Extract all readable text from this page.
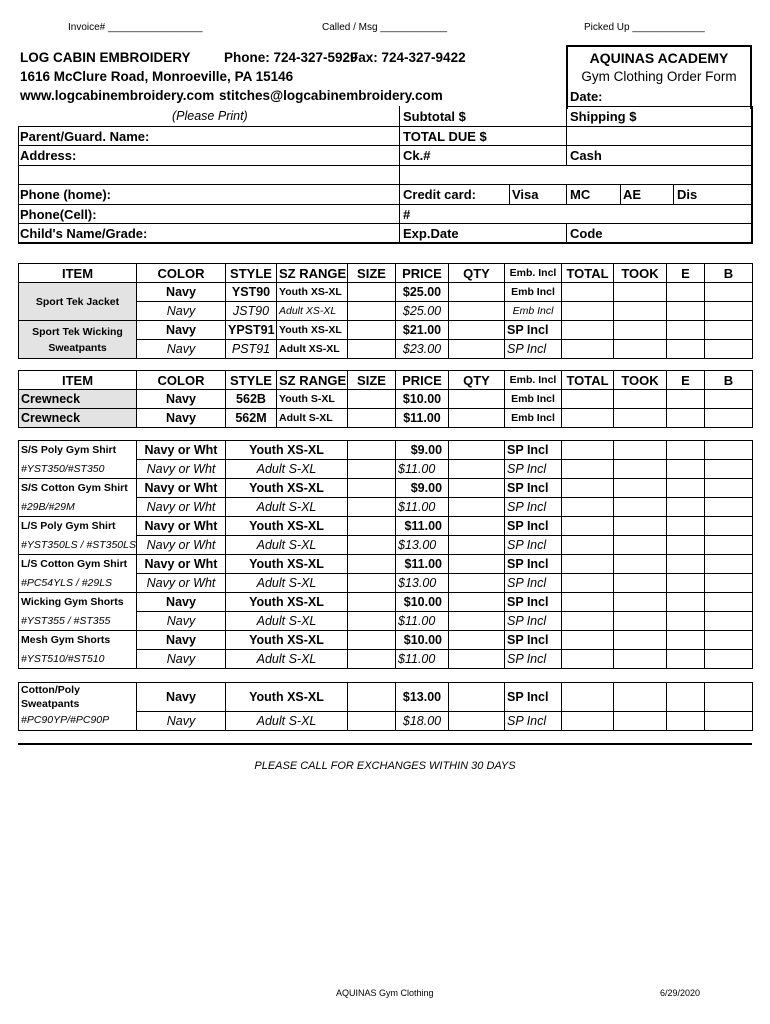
Invoice# _________________	Called / Msg ____________	Picked Up _____________
LOG CABIN EMBROIDERY Phone: 724-327-5929
Fax: 724-327-9422
1616 McClure Road, Monroeville, PA 15146
www.logcabinembroidery.com stitches@logcabinembroidery.com
AQUINAS ACADEMY
Gym Clothing Order Form
Date:
(Please Print)	Subtotal $	Shipping $
Parent/Guard. Name:	TOTAL DUE $
Address:	Ck.#	Cash
Phone (home):	Credit card:	Visa MC	AE	Dis
Phone(Cell):	#
Child's Name/Grade:	Exp.Date	Code
ITEM	COLOR	STYLE	SZ RANGE	SIZE	PRICE	QTY	Emb. Incl	TOTAL	TOOK	E	B
Sport Tek Jacket	Navy	YST90	Youth XS-XL		$25.00		Emb Incl				
	Navy	JST90	Adult XS-XL		$25.00		Emb Incl				
Sport Tek Wicking
Sweatpants	Navy	YPST91	Youth XS-XL		$21.00		SP Incl				
	Navy	PST91	Adult XS-XL		$23.00		SP Incl				
ITEM	COLOR	STYLE	SZ RANGE	SIZE	PRICE	QTY	Emb. Incl	TOTAL	TOOK	E	B
Crewneck	Navy	562B	Youth S-XL		$10.00		Emb Incl				
Crewneck	Navy	562M	Adult S-XL		$11.00		Emb Incl				
S/S Poly Gym Shirt	Navy or Wht	Youth XS-XL		$9.00		SP Incl				
#YST350/#ST350	Navy or Wht	Adult S-XL		$11.00		SP Incl				
S/S Cotton Gym Shirt	Navy or Wht	Youth XS-XL		$9.00		SP Incl				
#29B/#29M	Navy or Wht	Adult S-XL		$11.00		SP Incl				
L/S Poly Gym Shirt	Navy or Wht	Youth XS-XL		$11.00		SP Incl				
#YST350LS / #ST350LS	Navy or Wht	Adult S-XL		$13.00		SP Incl				
L/S Cotton Gym Shirt	Navy or Wht	Youth XS-XL		$11.00		SP Incl				
#PC54YLS / #29LS	Navy or Wht	Adult S-XL		$13.00		SP Incl				
Wicking Gym Shorts	Navy	Youth XS-XL		$10.00		SP Incl				
#YST355 / #ST355	Navy	Adult S-XL		$11.00		SP Incl				
Mesh Gym Shorts	Navy	Youth XS-XL		$10.00		SP Incl				
#YST510/#ST510	Navy	Adult S-XL		$11.00		SP Incl				
Cotton/Poly
Sweatpants	Navy	Youth XS-XL		$13.00		SP Incl				
#PC90YP/#PC90P	Navy	Adult S-XL		$18.00		SP Incl				
PLEASE CALL FOR EXCHANGES WITHIN 30 DAYS
AQUINAS Gym Clothing	6/29/2020
